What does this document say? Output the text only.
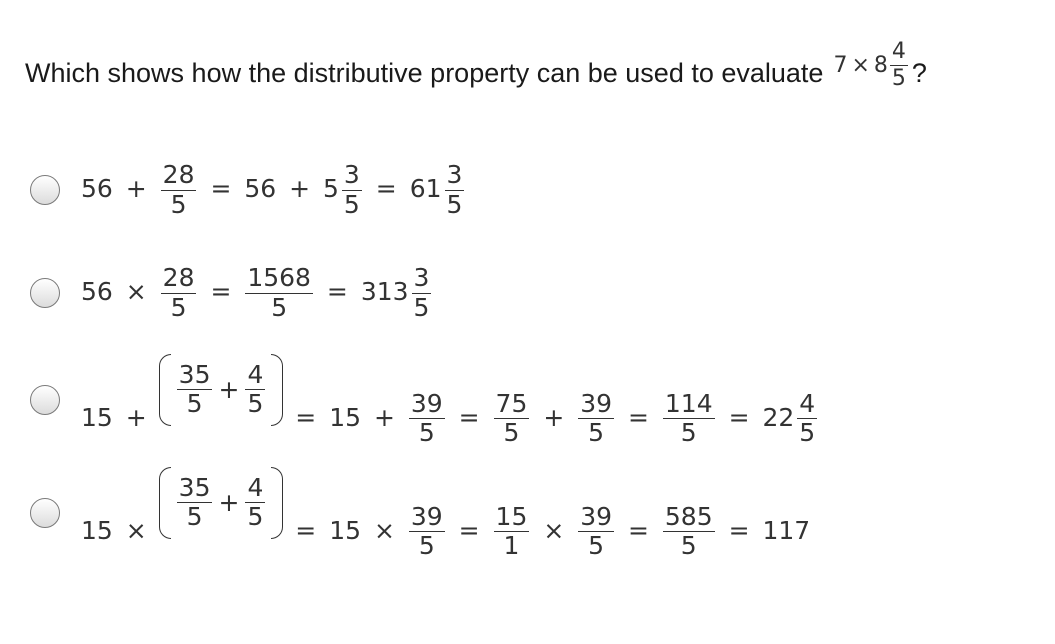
Which shows how the distributive property can be used to evaluate $7 \times 8 \frac{4}{5}$ ?
$56 + \frac{28}{5} = 56 + 5 \frac{3}{5} = 61 \frac{3}{5}$
$56 \times \frac{28}{5} = \frac{1568}{5} = 313 \frac{3}{5}$
$15 + \frac{35}{5} + \frac{4}{5} = 15 + \frac{39}{5} = \frac{75}{5} + \frac{39}{5} = \frac{114}{5} = 22 \frac{4}{5}$
$15 \times \frac{35}{5} + \frac{4}{5} = 15 \times \frac{39}{5} = \frac{15}{1} \times \frac{39}{5} = \frac{585}{5} = 117$
